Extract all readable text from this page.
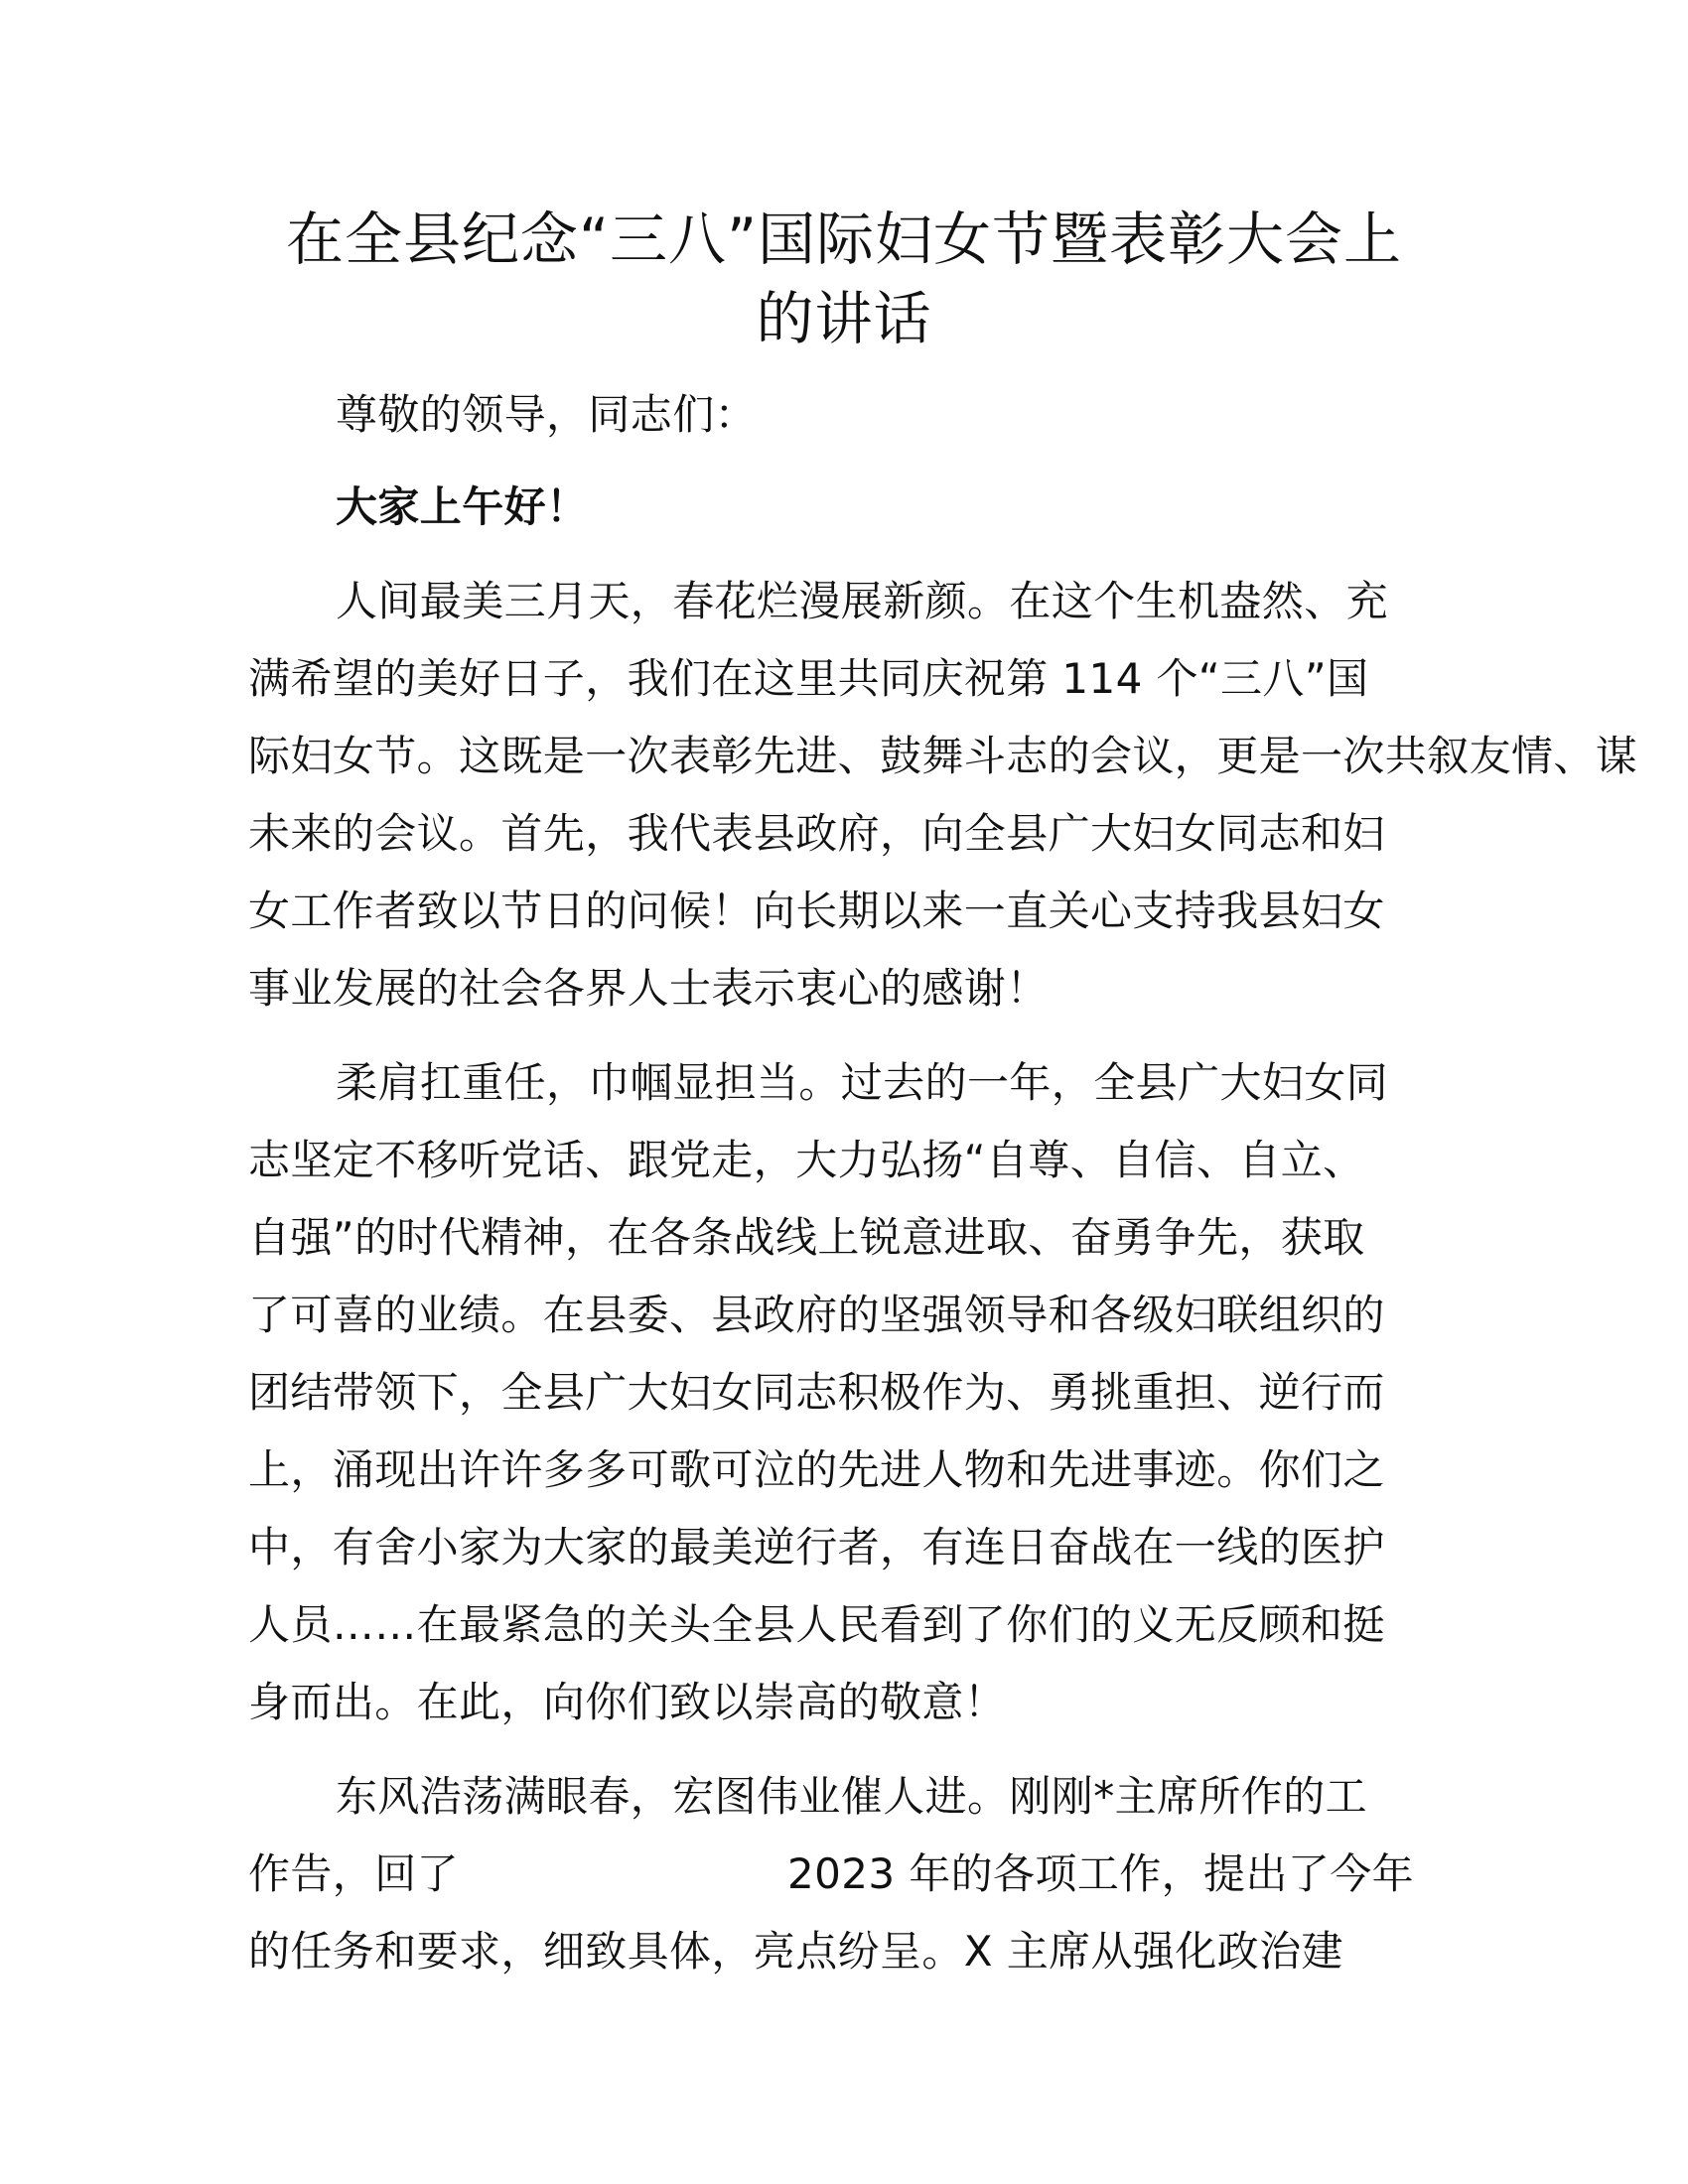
在全县纪念“三八”国际妇女节暨表彰大会上
的讲话
尊敬的领导，同志们：
大家上午好！
人间最美三月天，春花烂漫展新颜。在这个生机盎然、充
满希望的美好日子，我们在这里共同庆祝第 114 个“三八”国
际妇女节。这既是一次表彰先进、鼓舞斗志的会议，更是一次共叙友情、谋
未来的会议。首先，我代表县政府，向全县广大妇女同志和妇
女工作者致以节日的问候！向长期以来一直关心支持我县妇女
事业发展的社会各界人士表示衷心的感谢！
柔肩扛重任，巾帼显担当。过去的一年，全县广大妇女同
志坚定不移听党话、跟党走，大力弘扬“自尊、自信、自立、
自强”的时代精神，在各条战线上锐意进取、奋勇争先，获取
了可喜的业绩。在县委、县政府的坚强领导和各级妇联组织的
团结带领下，全县广大妇女同志积极作为、勇挑重担、逆行而
上，涌现出许许多多可歌可泣的先进人物和先进事迹。你们之
中，有舍小家为大家的最美逆行者，有连日奋战在一线的医护
人员……在最紧急的关头全县人民看到了你们的义无反顾和挺
身而出。在此，向你们致以崇高的敬意！
东风浩荡满眼春，宏图伟业催人进。刚刚*主席所作的工
作告，回了	2023 年的各项工作，提出了今年
的任务和要求，细致具体，亮点纷呈。X 主席从强化政治建
